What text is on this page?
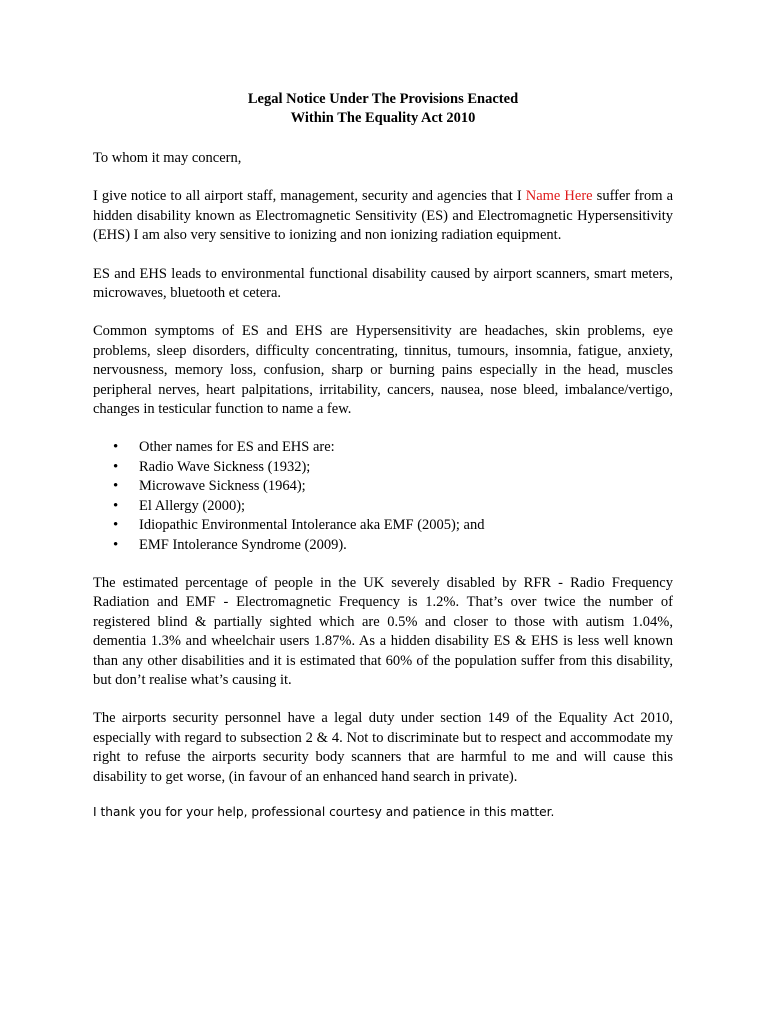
Legal Notice Under The Provisions Enacted
Within The Equality Act 2010

To whom it may concern,

I give notice to all airport staff, management, security and agencies that I Name Here suffer from a hidden disability known as Electromagnetic Sensitivity (ES) and Electromagnetic Hypersensitivity (EHS) I am also very sensitive to ionizing and non ionizing radiation equipment.

ES and EHS leads to environmental functional disability caused by airport scanners, smart meters, microwaves, bluetooth et cetera.

Common symptoms of ES and EHS are Hypersensitivity are headaches, skin problems, eye problems, sleep disorders, difficulty concentrating, tinnitus, tumours, insomnia, fatigue, anxiety, nervousness, memory loss, confusion, sharp or burning pains especially in the head, muscles peripheral nerves, heart palpitations, irritability, cancers, nausea, nose bleed, imbalance/vertigo, changes in testicular function to name a few.

• Other names for ES and EHS are:
• Radio Wave Sickness (1932);
• Microwave Sickness (1964);
• El Allergy (2000);
• Idiopathic Environmental Intolerance aka EMF (2005); and
• EMF Intolerance Syndrome (2009).

The estimated percentage of people in the UK severely disabled by RFR - Radio Frequency Radiation and EMF - Electromagnetic Frequency is 1.2%. That’s over twice the number of registered blind & partially sighted which are 0.5% and closer to those with autism 1.04%, dementia 1.3% and wheelchair users 1.87%. As a hidden disability ES & EHS is less well known than any other disabilities and it is estimated that 60% of the population suffer from this disability, but don’t realise what’s causing it.

The airports security personnel have a legal duty under section 149 of the Equality Act 2010, especially with regard to subsection 2 & 4. Not to discriminate but to respect and accommodate my right to refuse the airports security body scanners that are harmful to me and will cause this disability to get worse, (in favour of an enhanced hand search in private).

I thank you for your help, professional courtesy and patience in this matter.
